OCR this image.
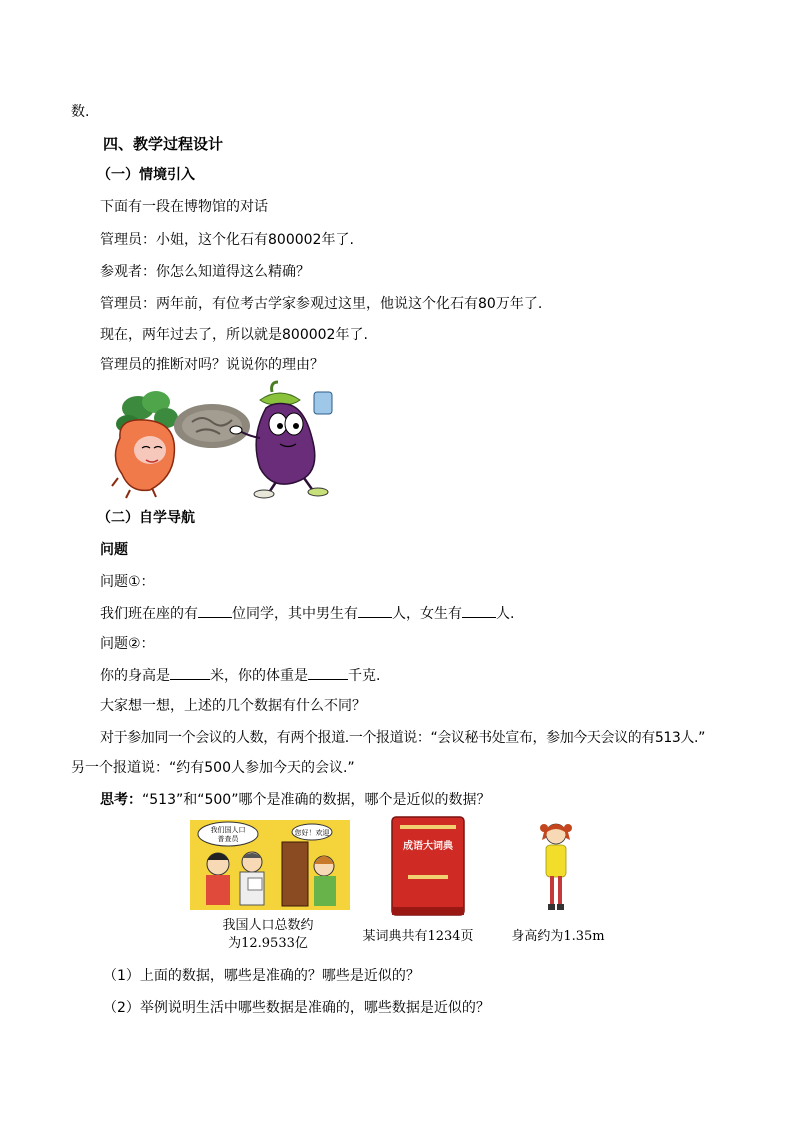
数.
四、教学过程设计
（一）情境引入
下面有一段在博物馆的对话
管理员：小姐，这个化石有800002年了.
参观者：你怎么知道得这么精确？
管理员：两年前，有位考古学家参观过这里，他说这个化石有80万年了.
现在，两年过去了，所以就是800002年了.
管理员的推断对吗？说说你的理由？
（二）自学导航
问题
问题①：
我们班在座的有 位同学，其中男生有 人，女生有 人.
问题②：
你的身高是	米，你的体重是	千克.
大家想一想，上述的几个数据有什么不同？
对于参加同一个会议的人数，有两个报道.一个报道说：“会议秘书处宣布，参加今天会议的有513人.”
另一个报道说：“约有500人参加今天的会议.”
思考：“513”和“500”哪个是准确的数据，哪个是近似的数据？
我们国人口
普查员
您好！欢迎
我国人口总数约
为12.9533亿
成语大词典
某词典共有1234页	身高约为1.35m
（1）上面的数据，哪些是准确的？哪些是近似的？
（2）举例说明生活中哪些数据是准确的，哪些数据是近似的？
